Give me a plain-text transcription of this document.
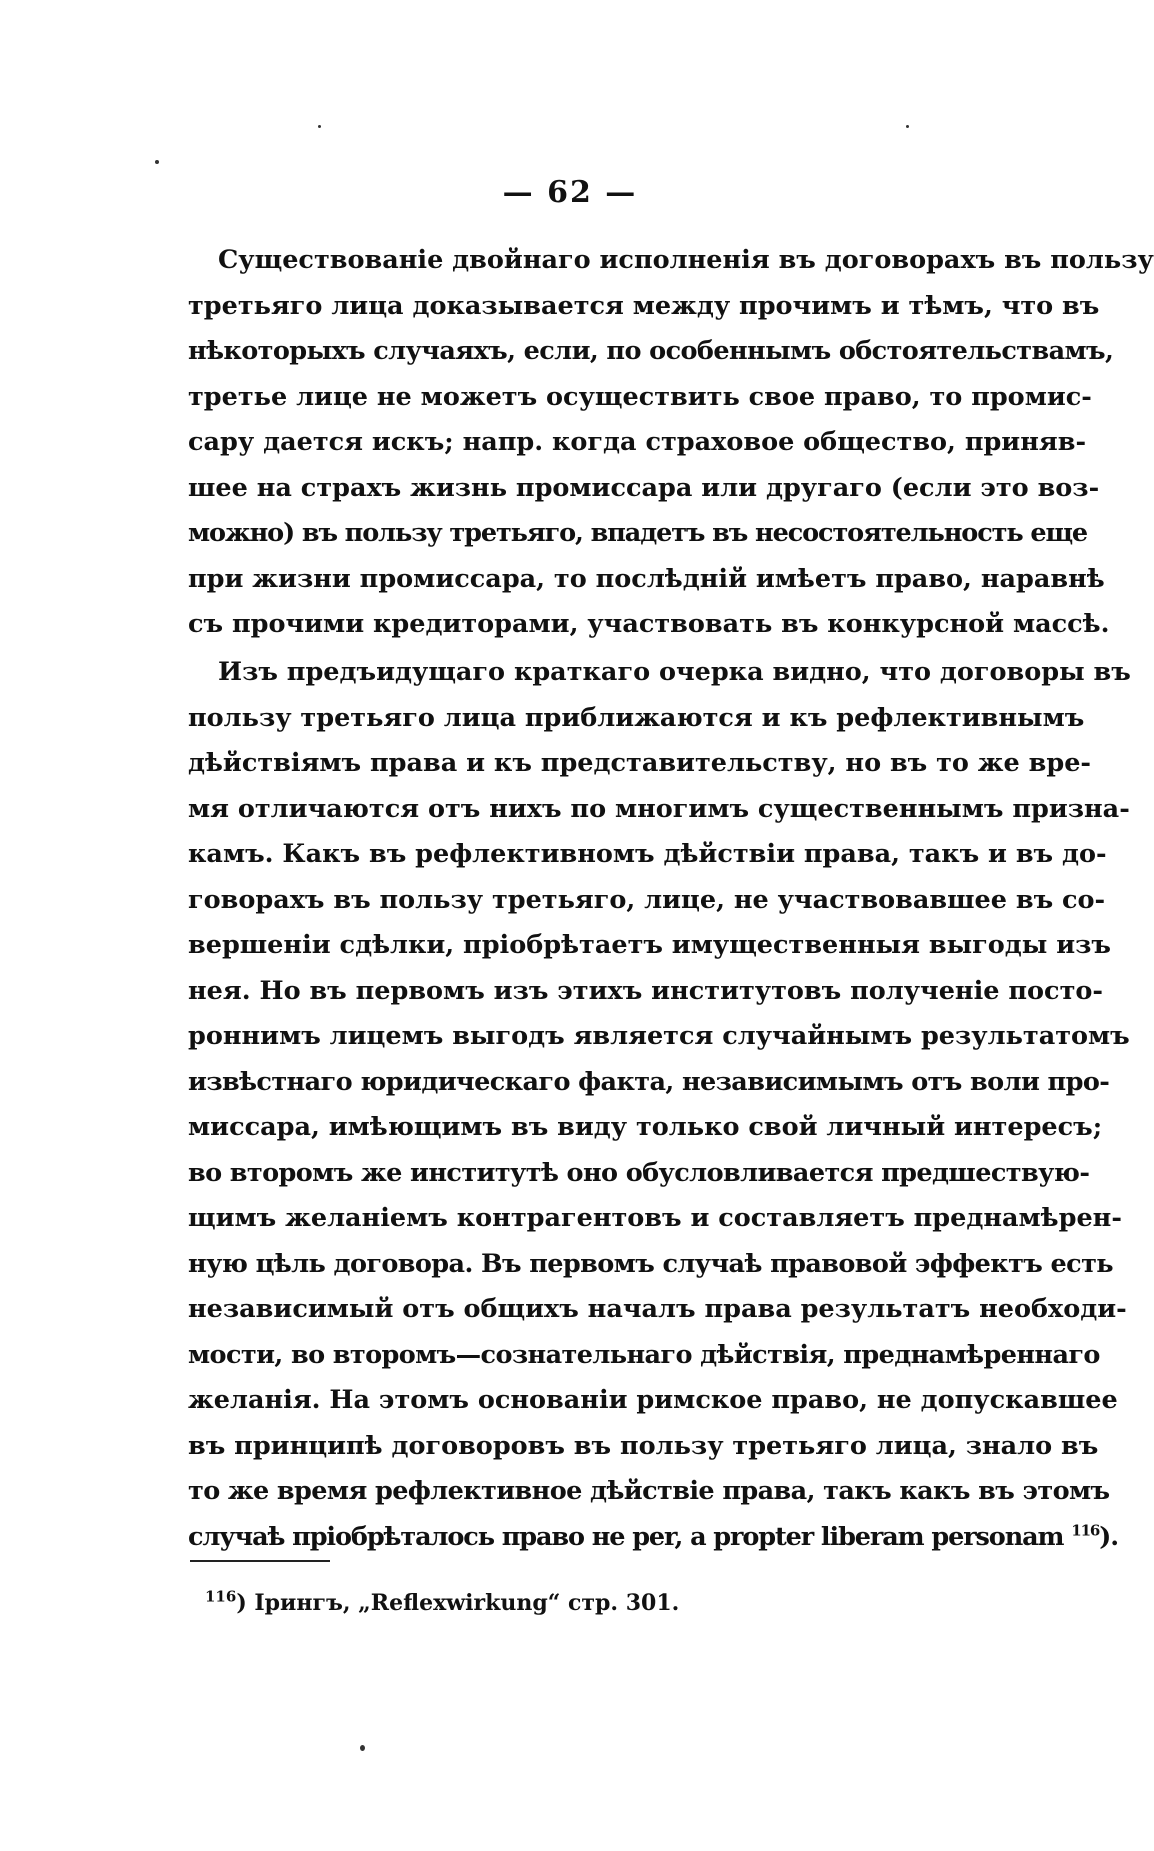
— 62 —
Существованіе двойнаго исполненія въ договорахъ въ пользу
третьяго лица доказывается между прочимъ и тѣмъ, что въ
нѣкоторыхъ случаяхъ, если, по особеннымъ обстоятельствамъ,
третье лице не можетъ осуществить свое право, то промис-
сару дается искъ; напр. когда страховое общество, приняв-
шее на страхъ жизнь промиссара или другаго (если это воз-
можно) въ пользу третьяго, впадетъ въ несостоятельность еще
при жизни промиссара, то послѣдній имѣетъ право, наравнѣ
съ прочими кредиторами, участвовать въ конкурсной массѣ.
Изъ предъидущаго краткаго очерка видно, что договоры въ
пользу третьяго лица приближаются и къ рефлективнымъ
дѣйствіямъ права и къ представительству, но въ то же вре-
мя отличаются отъ нихъ по многимъ существеннымъ призна-
камъ. Какъ въ рефлективномъ дѣйствіи права, такъ и въ до-
говорахъ въ пользу третьяго, лице, не участвовавшее въ со-
вершеніи сдѣлки, пріобрѣтаетъ имущественныя выгоды изъ
нея. Но въ первомъ изъ этихъ институтовъ полученіе посто-
роннимъ лицемъ выгодъ является случайнымъ результатомъ
извѣстнаго юридическаго факта, независимымъ отъ воли про-
миссара, имѣющимъ въ виду только свой личный интересъ;
во второмъ же институтѣ оно обусловливается предшествую-
щимъ желаніемъ контрагентовъ и составляетъ преднамѣрен-
ную цѣль договора. Въ первомъ случаѣ правовой эффектъ есть
независимый отъ общихъ началъ права результатъ необходи-
мости, во второмъ—сознательнаго дѣйствія, преднамѣреннаго
желанія. На этомъ основаніи римское право, не допускавшее
въ принципѣ договоровъ въ пользу третьяго лица, знало въ
то же время рефлективное дѣйствіе права, такъ какъ въ этомъ
случаѣ пріобрѣталось право не per, a propter liberam personam $^{116}$).
$^{116}$) Ірингъ, „Reflexwirkung“ стр. 301.
